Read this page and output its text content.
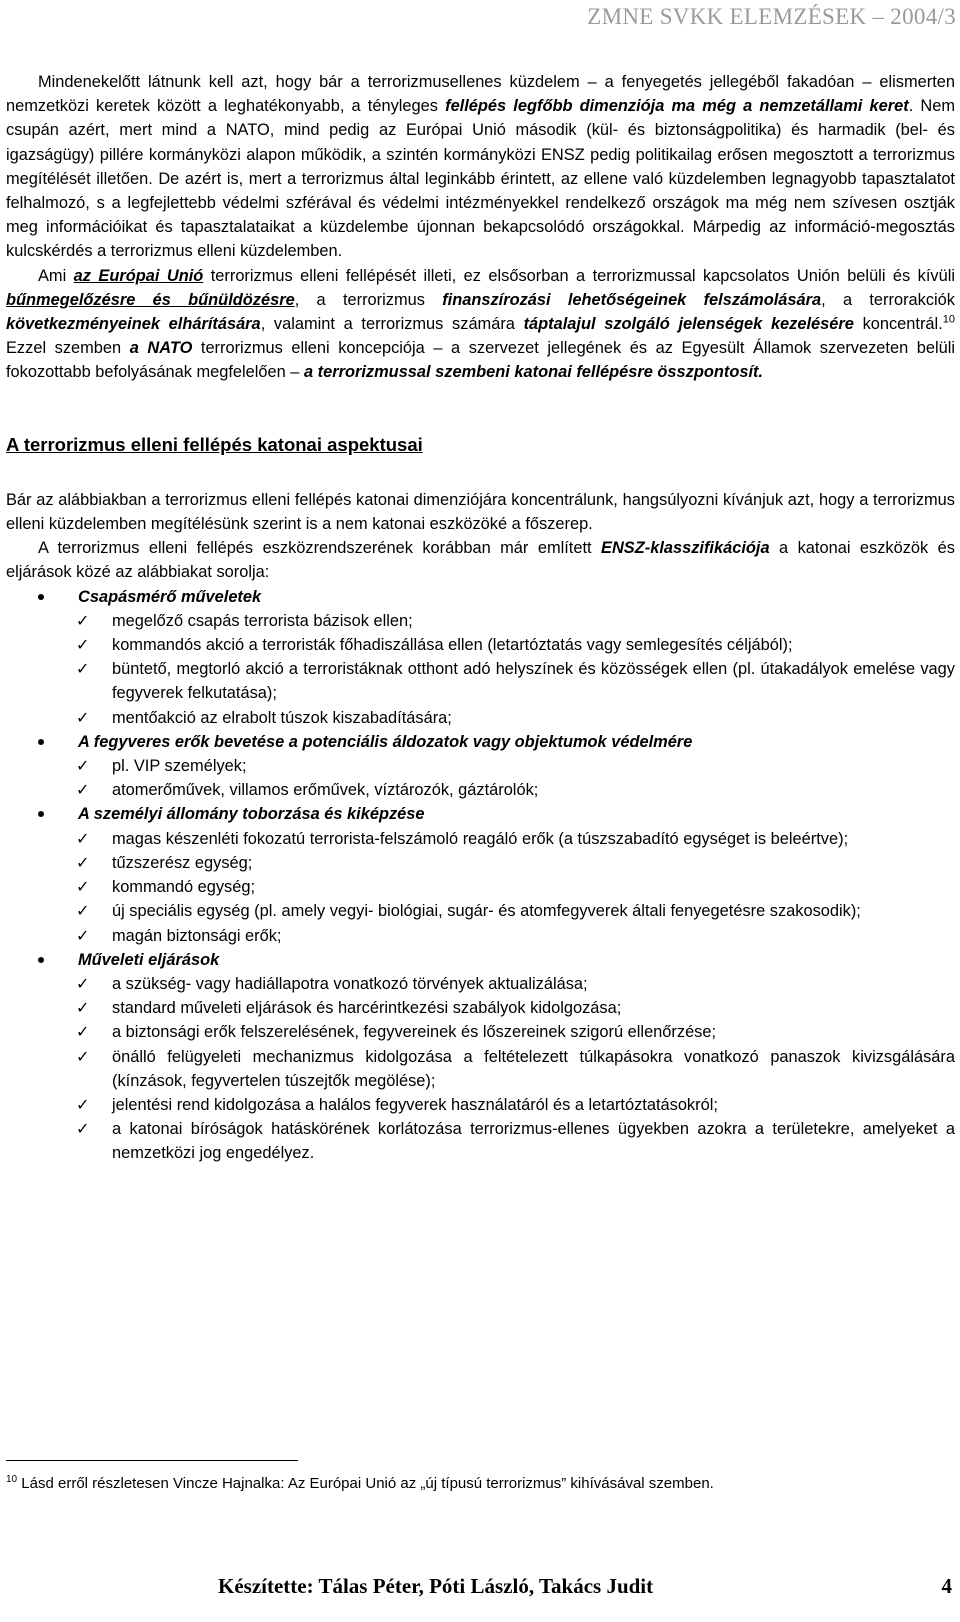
ZMNE SVKK ELEMZÉSEK – 2004/3

Mindenekelőtt látnunk kell azt, hogy bár a terrorizmusellenes küzdelem – a fenyegetés jellegéből fakadóan – elismerten nemzetközi keretek között a leghatékonyabb, a tényleges fellépés legfőbb dimenziója ma még a nemzetállami keret. Nem csupán azért, mert mind a NATO, mind pedig az Európai Unió második (kül- és biztonságpolitika) és harmadik (bel- és igazságügy) pillére kormányközi alapon működik, a szintén kormányközi ENSZ pedig politikailag erősen megosztott a terrorizmus megítélését illetően. De azért is, mert a terrorizmus által leginkább érintett, az ellene való küzdelemben legnagyobb tapasztalatot felhalmozó, s a legfejlettebb védelmi szférával és védelmi intézményekkel rendelkező országok ma még nem szívesen osztják meg információikat és tapasztalataikat a küzdelembe újonnan bekapcsolódó országokkal. Márpedig az információ-megosztás kulcskérdés a terrorizmus elleni küzdelemben.

Ami az Európai Unió terrorizmus elleni fellépését illeti, ez elsősorban a terrorizmussal kapcsolatos Unión belüli és kívüli bűnmegelőzésre és bűnüldözésre, a terrorizmus finanszírozási lehetőségeinek felszámolására, a terrorakciók következményeinek elhárítására, valamint a terrorizmus számára táptalajul szolgáló jelenségek kezelésére koncentrál.$^{10}$ Ezzel szemben a NATO terrorizmus elleni koncepciója – a szervezet jellegének és az Egyesült Államok szervezeten belüli fokozottabb befolyásának megfelelően – a terrorizmussal szembeni katonai fellépésre összpontosít.

A terrorizmus elleni fellépés katonai aspektusai

Bár az alábbiakban a terrorizmus elleni fellépés katonai dimenziójára koncentrálunk, hangsúlyozni kívánjuk azt, hogy a terrorizmus elleni küzdelemben megítélésünk szerint is a nem katonai eszközöké a főszerep.

A terrorizmus elleni fellépés eszközrendszerének korábban már említett ENSZ-klasszifikációja a katonai eszközök és eljárások közé az alábbiakat sorolja:

Csapásmérő műveletek
✓ megelőző csapás terrorista bázisok ellen;
✓ kommandós akció a terroristák főhadiszállása ellen (letartóztatás vagy semlegesítés céljából);
✓ büntető, megtorló akció a terroristáknak otthont adó helyszínek és közösségek ellen (pl. útakadályok emelése vagy fegyverek felkutatása);
✓ mentőakció az elrabolt túszok kiszabadítására;
A fegyveres erők bevetése a potenciális áldozatok vagy objektumok védelmére
✓ pl. VIP személyek;
✓ atomerőművek, villamos erőművek, víztározók, gáztárolók;
A személyi állomány toborzása és kiképzése
✓ magas készenléti fokozatú terrorista-felszámoló reagáló erők (a túszszabadító egységet is beleértve);
✓ tűzszerész egység;
✓ kommandó egység;
✓ új speciális egység (pl. amely vegyi- biológiai, sugár- és atomfegyverek általi fenyegetésre szakosodik);
✓ magán biztonsági erők;
Műveleti eljárások
✓ a szükség- vagy hadiállapotra vonatkozó törvények aktualizálása;
✓ standard műveleti eljárások és harcérintkezési szabályok kidolgozása;
✓ a biztonsági erők felszerelésének, fegyvereinek és lőszereinek szigorú ellenőrzése;
✓ önálló felügyeleti mechanizmus kidolgozása a feltételezett túlkapásokra vonatkozó panaszok kivizsgálására (kínzások, fegyvertelen túszejtők megölése);
✓ jelentési rend kidolgozása a halálos fegyverek használatáról és a letartóztatásokról;
✓ a katonai bíróságok hatáskörének korlátozása terrorizmus-ellenes ügyekben azokra a területekre, amelyeket a nemzetközi jog engedélyez.
$^{10}$ Lásd erről részletesen Vincze Hajnalka: Az Európai Unió az „új típusú terrorizmus” kihívásával szemben.
Készítette: Tálas Péter, Póti László, Takács Judit	4
